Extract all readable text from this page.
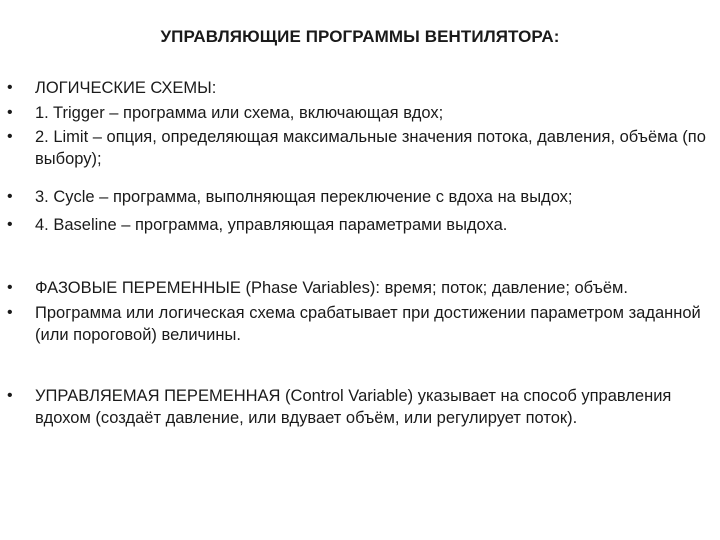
УПРАВЛЯЮЩИЕ ПРОГРАММЫ ВЕНТИЛЯТОРА:
•	ЛОГИЧЕСКИЕ СХЕМЫ:
•	1. Trigger – программа или схема, включающая вдох;
•	2. Limit – опция, определяющая максимальные значения потока, давления, объёма (по выбору);
•	3. Cycle – программа, выполняющая переключение с вдоха на выдох;
•	4. Baseline – программа, управляющая параметрами выдоха.
•	ФАЗОВЫЕ ПЕРЕМЕННЫЕ (Phase Variables): время; поток; давление; объём.
•	Программа или логическая схема срабатывает при достижении параметром заданной (или пороговой) величины.
•	УПРАВЛЯЕМАЯ ПЕРЕМЕННАЯ (Control Variable) указывает на способ управления вдохом (создаёт давление, или вдувает объём, или регулирует поток).
